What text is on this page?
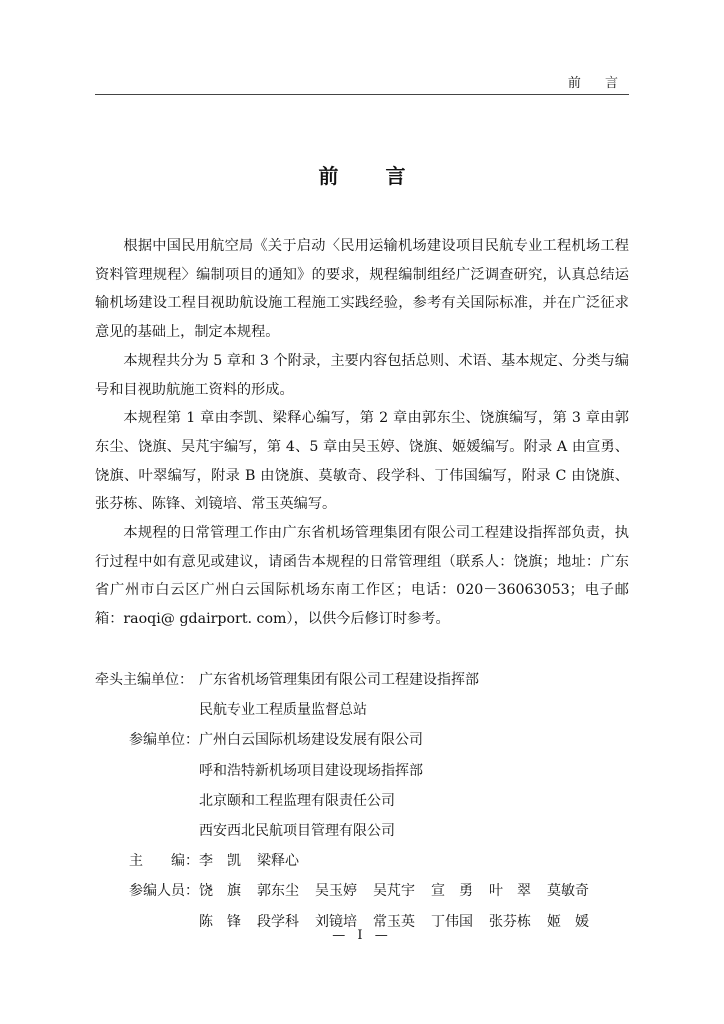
前 言
前 言

根据中国民用航空局《关于启动〈民用运输机场建设项目民航专业工程机场工程资料管理规程〉编制项目的通知》的要求，规程编制组经广泛调查研究，认真总结运输机场建设工程目视助航设施工程施工实践经验，参考有关国际标准，并在广泛征求意见的基础上，制定本规程。

本规程共分为 5 章和 3 个附录，主要内容包括总则、术语、基本规定、分类与编号和目视助航施工资料的形成。

本规程第 1 章由李凯、梁释心编写，第 2 章由郭东尘、饶旗编写，第 3 章由郭东尘、饶旗、吴芃宇编写，第 4、5 章由吴玉婷、饶旗、姬媛编写。附录 A 由宣勇、饶旗、叶翠编写，附录 B 由饶旗、莫敏奇、段学科、丁伟国编写，附录 C 由饶旗、张芬栋、陈锋、刘镜培、常玉英编写。

本规程的日常管理工作由广东省机场管理集团有限公司工程建设指挥部负责，执行过程中如有意见或建议，请函告本规程的日常管理组（联系人：饶旗；地址：广东省广州市白云区广州白云国际机场东南工作区；电话：020－36063053；电子邮箱：raoqi@ gdairport. com），以供今后修订时参考。

牵头主编单位： 广东省机场管理集团有限公司工程建设指挥部
民航专业工程质量监督总站
参编单位： 广州白云国际机场建设发展有限公司
呼和浩特新机场项目建设现场指挥部
北京颐和工程监理有限责任公司
西安西北民航项目管理有限公司
主　　编： 李　凯 梁释心
参编人员： 饶　旗 郭东尘 吴玉婷 吴芃宇 宣　勇 叶　翠 莫敏奇
陈　锋 段学科 刘镜培 常玉英 丁伟国 张芬栋 姬　媛
— I —
